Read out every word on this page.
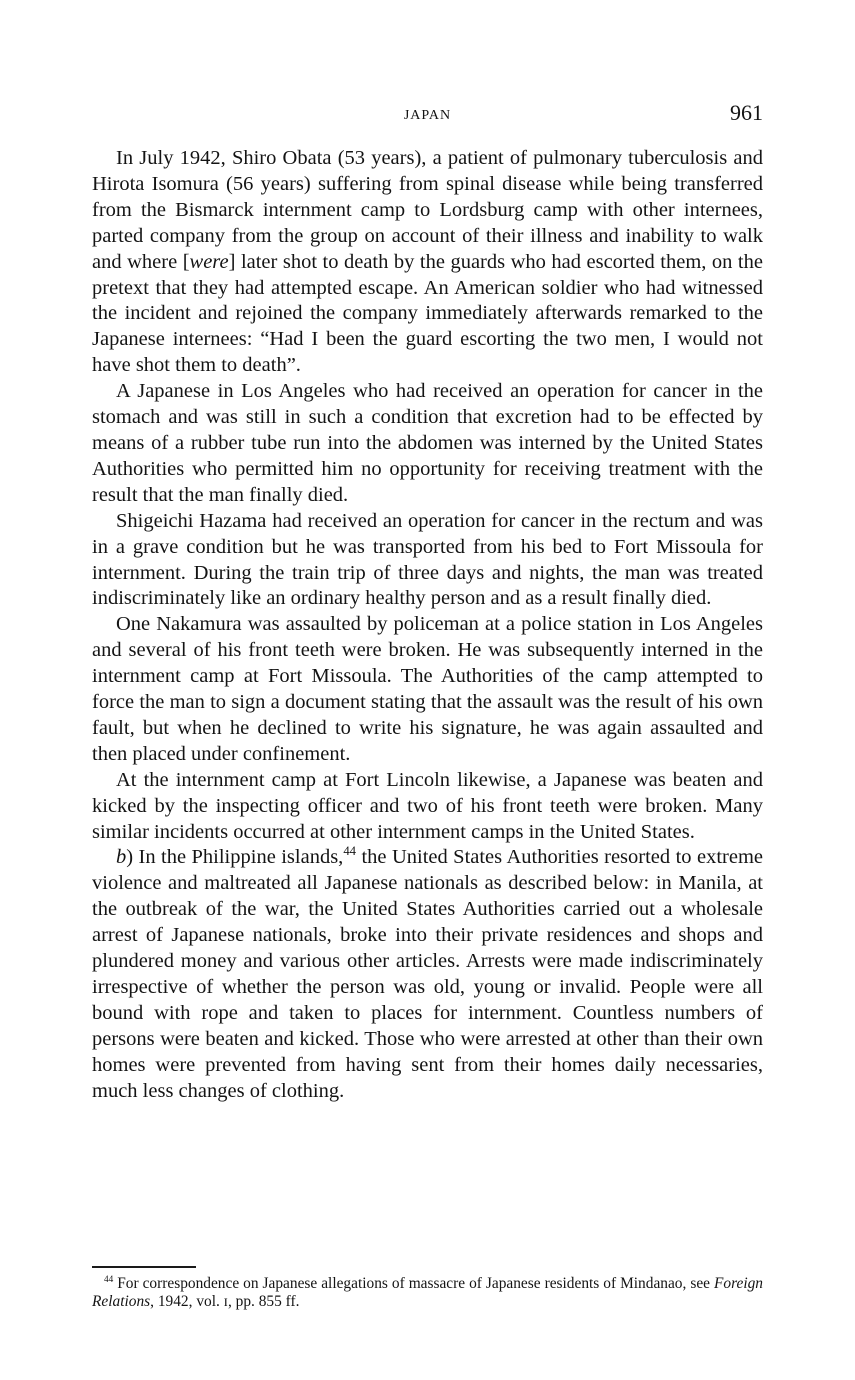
JAPAN	961

In July 1942, Shiro Obata (53 years), a patient of pulmonary tuberculosis and Hirota Isomura (56 years) suffering from spinal disease while being transferred from the Bismarck internment camp to Lordsburg camp with other internees, parted company from the group on account of their illness and inability to walk and where [were] later shot to death by the guards who had escorted them, on the pretext that they had attempted escape. An American soldier who had witnessed the incident and rejoined the company immediately afterwards remarked to the Japanese internees: “Had I been the guard escorting the two men, I would not have shot them to death”.

A Japanese in Los Angeles who had received an operation for cancer in the stomach and was still in such a condition that excretion had to be effected by means of a rubber tube run into the abdomen was interned by the United States Authorities who permitted him no opportunity for receiving treatment with the result that the man finally died.

Shigeichi Hazama had received an operation for cancer in the rectum and was in a grave condition but he was transported from his bed to Fort Missoula for internment. During the train trip of three days and nights, the man was treated indiscriminately like an ordinary healthy person and as a result finally died.

One Nakamura was assaulted by policeman at a police station in Los Angeles and several of his front teeth were broken. He was subsequently interned in the internment camp at Fort Missoula. The Authorities of the camp attempted to force the man to sign a document stating that the assault was the result of his own fault, but when he declined to write his signature, he was again assaulted and then placed under confinement.

At the internment camp at Fort Lincoln likewise, a Japanese was beaten and kicked by the inspecting officer and two of his front teeth were broken. Many similar incidents occurred at other internment camps in the United States.

b) In the Philippine islands,$^{44}$ the United States Authorities resorted to extreme violence and maltreated all Japanese nationals as described below: in Manila, at the outbreak of the war, the United States Authorities carried out a wholesale arrest of Japanese nationals, broke into their private residences and shops and plundered money and various other articles. Arrests were made indiscriminately irrespective of whether the person was old, young or invalid. People were all bound with rope and taken to places for internment. Countless numbers of persons were beaten and kicked. Those who were arrested at other than their own homes were prevented from having sent from their homes daily necessaries, much less changes of clothing.

$^{44}$ For correspondence on Japanese allegations of massacre of Japanese residents of Mindanao, see Foreign Relations, 1942, vol. ɪ, pp. 855 ff.
